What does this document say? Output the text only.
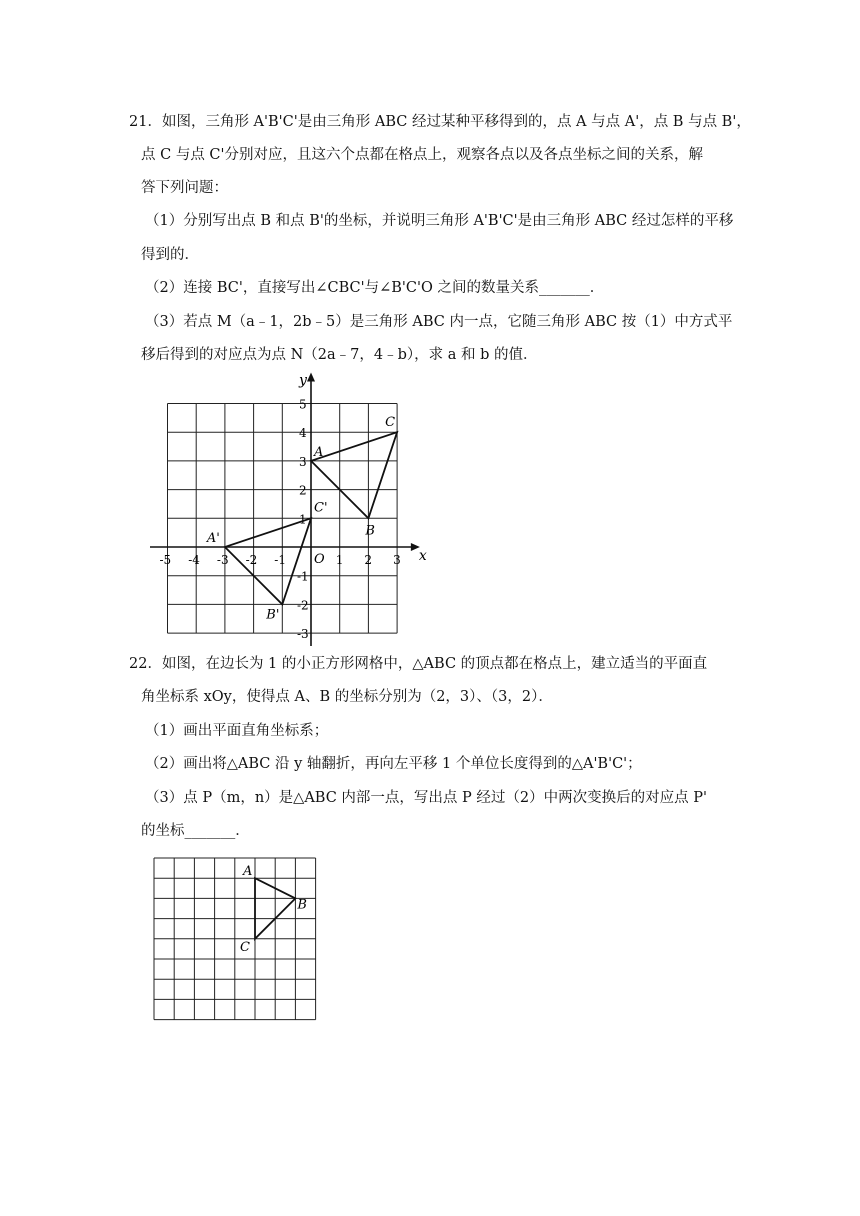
21．如图，三角形 A'B'C'是由三角形 ABC 经过某种平移得到的，点 A 与点 A'，点 B 与点 B'，
点 C 与点 C'分别对应，且这六个点都在格点上，观察各点以及各点坐标之间的关系，解
答下列问题：
（1）分别写出点 B 和点 B'的坐标，并说明三角形 A'B'C'是由三角形 ABC 经过怎样的平移
得到的．
（2）连接 BC'，直接写出∠CBC'与∠B'C'O 之间的数量关系_______．
（3）若点 M（a﹣1，2b﹣5）是三角形 ABC 内一点，它随三角形 ABC 按（1）中方式平
移后得到的对应点为点 N（2a﹣7，4﹣b），求 a 和 b 的值．
x
y
O
-5 -4 -3 -2 -1	1 2 3
5
4
3
2
1
-1
-2
-3
A
B
C
A'
B'
C'
22．如图，在边长为 1 的小正方形网格中，△ABC 的顶点都在格点上，建立适当的平面直
角坐标系 xOy，使得点 A、B 的坐标分别为（2，3）、（3，2）．
（1）画出平面直角坐标系；
（2）画出将△ABC 沿 y 轴翻折，再向左平移 1 个单位长度得到的△A'B'C'；
（3）点 P（m，n）是△ABC 内部一点，写出点 P 经过（2）中两次变换后的对应点 P'
的坐标_______．
A
B
C
